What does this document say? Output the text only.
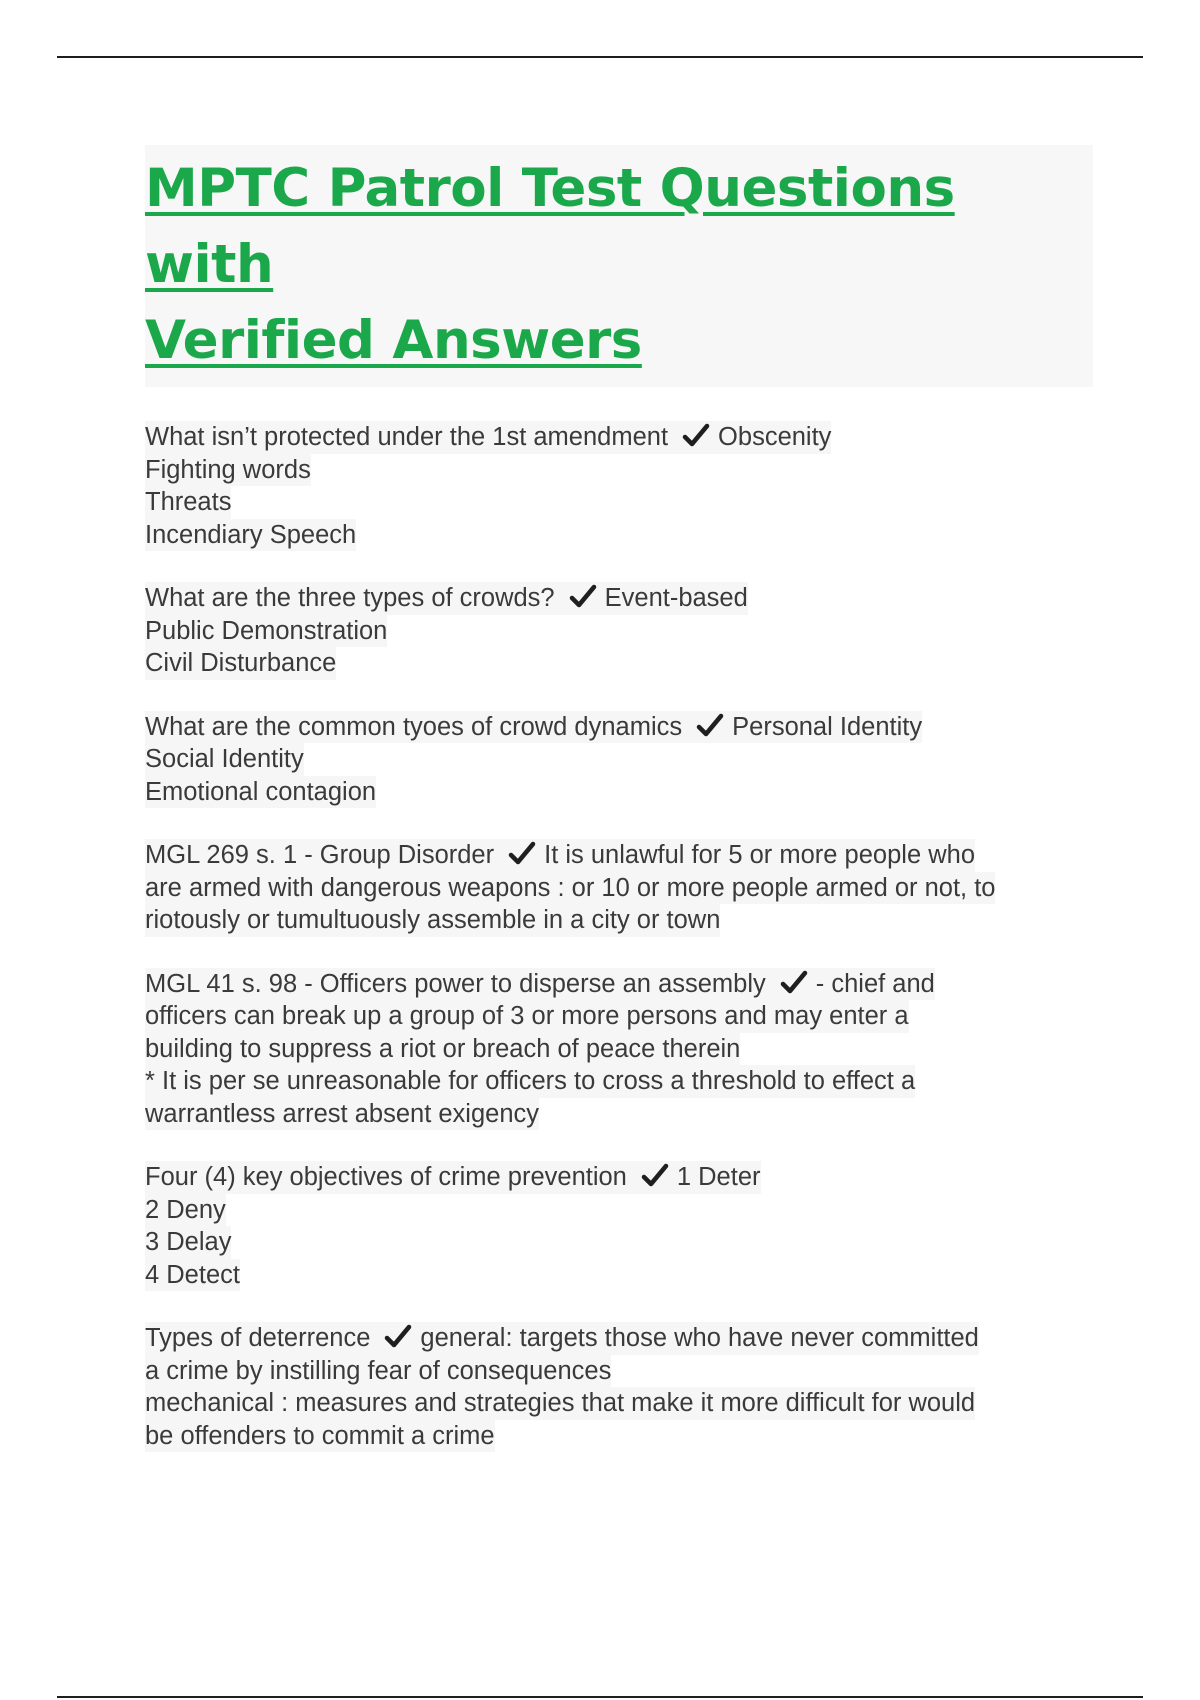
MPTC Patrol Test Questions with
Verified Answers
What isn’t protected under the 1st amendment Obscenity
Fighting words
Threats
Incendiary Speech
What are the three types of crowds? Event-based
Public Demonstration
Civil Disturbance
What are the common tyoes of crowd dynamics Personal Identity
Social Identity
Emotional contagion
MGL 269 s. 1 - Group Disorder It is unlawful for 5 or more people who
are armed with dangerous weapons : or 10 or more people armed or not, to
riotously or tumultuously assemble in a city or town
MGL 41 s. 98 - Officers power to disperse an assembly - chief and
officers can break up a group of 3 or more persons and may enter a
building to suppress a riot or breach of peace therein
* It is per se unreasonable for officers to cross a threshold to effect a
warrantless arrest absent exigency
Four (4) key objectives of crime prevention 1 Deter
2 Deny
3 Delay
4 Detect
Types of deterrence general: targets those who have never committed
a crime by instilling fear of consequences
mechanical : measures and strategies that make it more difficult for would
be offenders to commit a crime
